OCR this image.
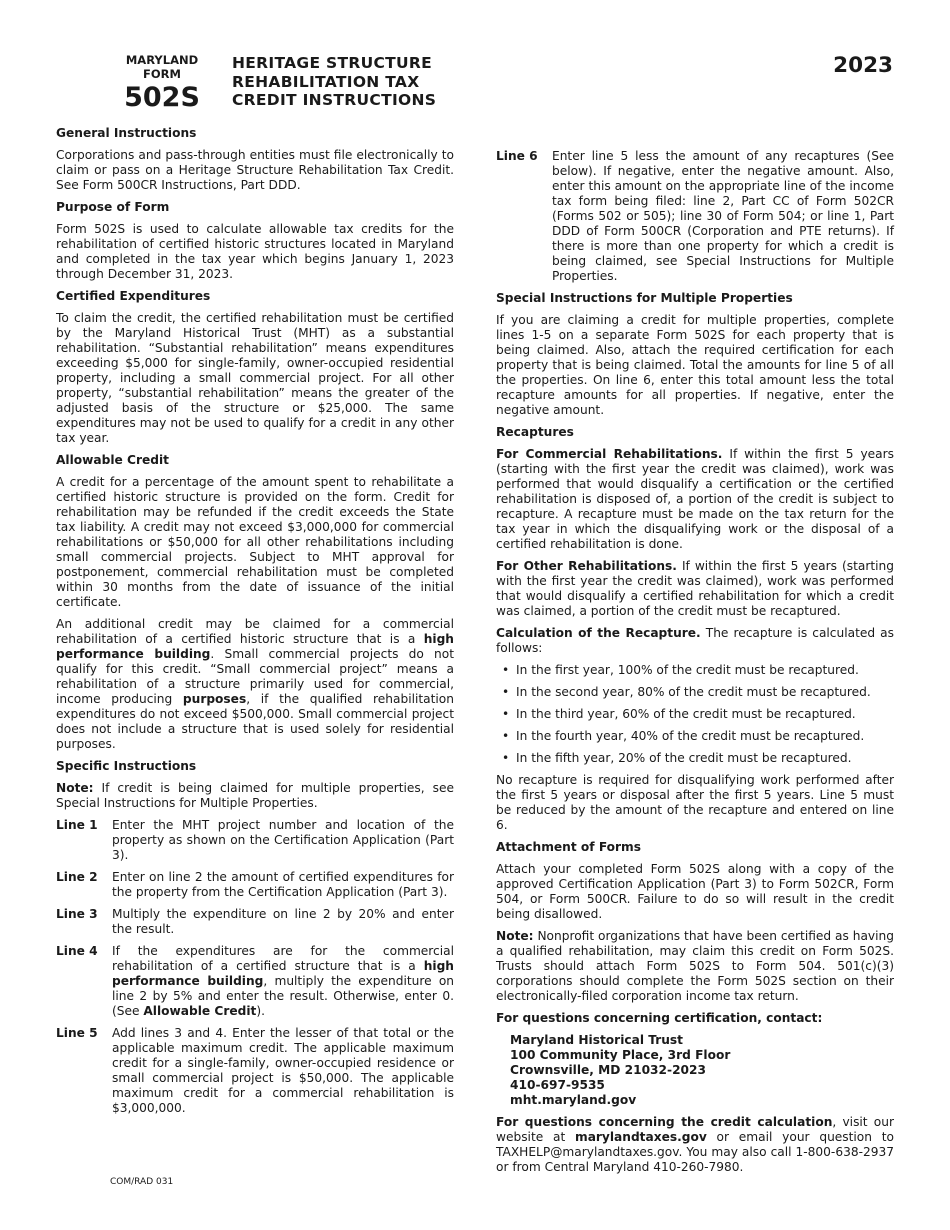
MARYLAND
FORM
502S
HERITAGE STRUCTURE
REHABILITATION TAX
CREDIT INSTRUCTIONS
2023

General Instructions

Corporations and pass-through entities must file electronically to claim or pass on a Heritage Structure Rehabilitation Tax Credit. See Form 500CR Instructions, Part DDD.

Purpose of Form

Form 502S is used to calculate allowable tax credits for the rehabilitation of certified historic structures located in Maryland and completed in the tax year which begins January 1, 2023 through December 31, 2023.

Certified Expenditures

To claim the credit, the certified rehabilitation must be certified by the Maryland Historical Trust (MHT) as a substantial rehabilitation. “Substantial rehabilitation” means expenditures exceeding $5,000 for single-family, owner-occupied residential property, including a small commercial project. For all other property, “substantial rehabilitation” means the greater of the adjusted basis of the structure or $25,000. The same expenditures may not be used to qualify for a credit in any other tax year.

Allowable Credit

A credit for a percentage of the amount spent to rehabilitate a certified historic structure is provided on the form. Credit for rehabilitation may be refunded if the credit exceeds the State tax liability. A credit may not exceed $3,000,000 for commercial rehabilitations or $50,000 for all other rehabilitations including small commercial projects. Subject to MHT approval for postponement, commercial rehabilitation must be completed within 30 months from the date of issuance of the initial certificate.

An additional credit may be claimed for a commercial rehabilitation of a certified historic structure that is a high performance building. Small commercial projects do not qualify for this credit. “Small commercial project” means a rehabilitation of a structure primarily used for commercial, income producing purposes, if the qualified rehabilitation expenditures do not exceed $500,000. Small commercial project does not include a structure that is used solely for residential purposes.

Specific Instructions

Note: If credit is being claimed for multiple properties, see Special Instructions for Multiple Properties.

Line 1	Enter the MHT project number and location of the property as shown on the Certification Application (Part 3).
Line 2	Enter on line 2 the amount of certified expenditures for the property from the Certification Application (Part 3).
Line 3	Multiply the expenditure on line 2 by 20% and enter the result.
Line 4	If the expenditures are for the commercial rehabilitation of a certified structure that is a high performance building, multiply the expenditure on line 2 by 5% and enter the result. Otherwise, enter 0. (See Allowable Credit).
Line 5	Add lines 3 and 4. Enter the lesser of that total or the applicable maximum credit. The applicable maximum credit for a single-family, owner-occupied residence or small commercial project is $50,000. The applicable maximum credit for a commercial rehabilitation is $3,000,000.
Line 6	Enter line 5 less the amount of any recaptures (See below). If negative, enter the negative amount. Also, enter this amount on the appropriate line of the income tax form being filed: line 2, Part CC of Form 502CR (Forms 502 or 505); line 30 of Form 504; or line 1, Part DDD of Form 500CR (Corporation and PTE returns). If there is more than one property for which a credit is being claimed, see Special Instructions for Multiple Properties.

Special Instructions for Multiple Properties

If you are claiming a credit for multiple properties, complete lines 1-5 on a separate Form 502S for each property that is being claimed. Also, attach the required certification for each property that is being claimed. Total the amounts for line 5 of all the properties. On line 6, enter this total amount less the total recapture amounts for all properties. If negative, enter the negative amount.

Recaptures

For Commercial Rehabilitations. If within the first 5 years (starting with the first year the credit was claimed), work was performed that would disqualify a certification or the certified rehabilitation is disposed of, a portion of the credit is subject to recapture. A recapture must be made on the tax return for the tax year in which the disqualifying work or the disposal of a certified rehabilitation is done.

For Other Rehabilitations. If within the first 5 years (starting with the first year the credit was claimed), work was performed that would disqualify a certified rehabilitation for which a credit was claimed, a portion of the credit must be recaptured.

Calculation of the Recapture. The recapture is calculated as follows:

• In the first year, 100% of the credit must be recaptured.
• In the second year, 80% of the credit must be recaptured.
• In the third year, 60% of the credit must be recaptured.
• In the fourth year, 40% of the credit must be recaptured.
• In the fifth year, 20% of the credit must be recaptured.

No recapture is required for disqualifying work performed after the first 5 years or disposal after the first 5 years. Line 5 must be reduced by the amount of the recapture and entered on line 6.

Attachment of Forms

Attach your completed Form 502S along with a copy of the approved Certification Application (Part 3) to Form 502CR, Form 504, or Form 500CR. Failure to do so will result in the credit being disallowed.

Note: Nonprofit organizations that have been certified as having a qualified rehabilitation, may claim this credit on Form 502S. Trusts should attach Form 502S to Form 504. 501(c)(3) corporations should complete the Form 502S section on their electronically-filed corporation income tax return.

For questions concerning certification, contact:

Maryland Historical Trust
100 Community Place, 3rd Floor
Crownsville, MD 21032-2023
410-697-9535
mht.maryland.gov

For questions concerning the credit calculation, visit our website at marylandtaxes.gov or email your question to TAXHELP@marylandtaxes.gov. You may also call 1-800-638-2937 or from Central Maryland 410-260-7980.

COM/RAD 031
